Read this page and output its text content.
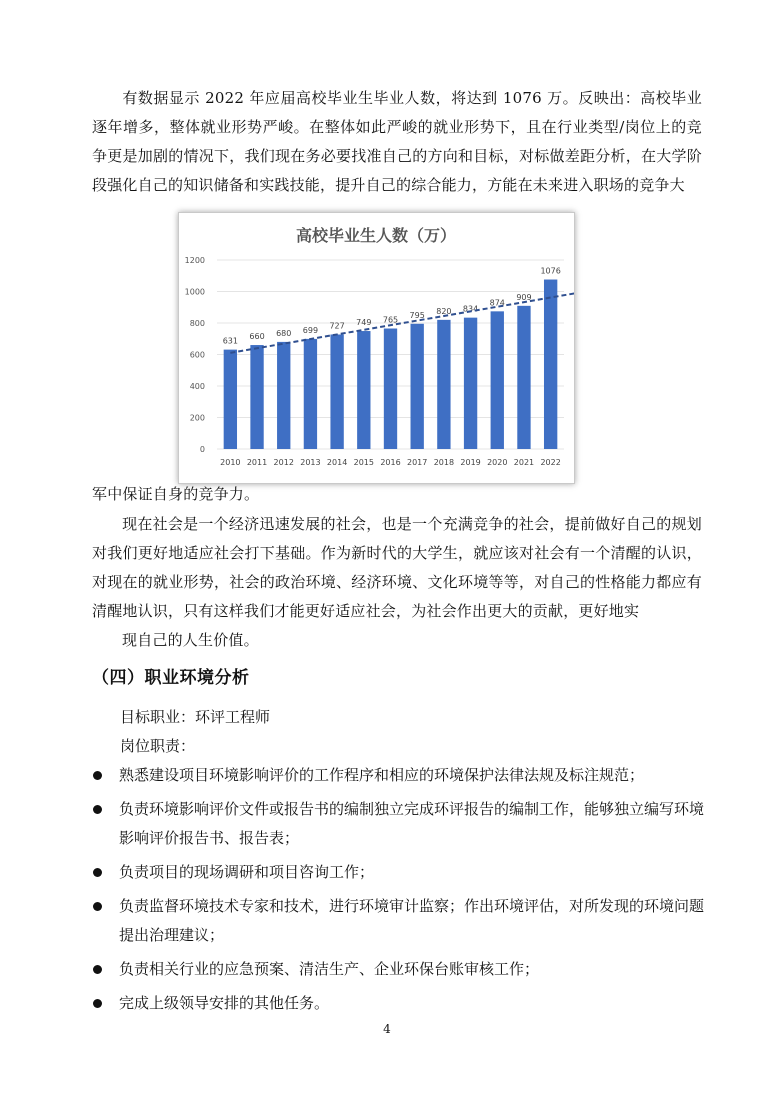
有数据显示 2022 年应届高校毕业生毕业人数，将达到 1076 万。反映出：高校毕业逐年增多，整体就业形势严峻。在整体如此严峻的就业形势下，且在行业类型/岗位上的竞争更是加剧的情况下，我们现在务必要找准自己的方向和目标，对标做差距分析，在大学阶段强化自己的知识储备和实践技能，提升自己的综合能力，方能在未来进入职场的竞争大
高校毕业生人数（万）
631
660 680 699 727 749 765
795 820 834
874
909
1076
2010 2011 2012 2013 2014 2015 2016 2017 2018 2019 2020 2021 2022
0
200
400
600
800
1000
1200
军中保证自身的竞争力。
现在社会是一个经济迅速发展的社会，也是一个充满竞争的社会，提前做好自己的规划对我们更好地适应社会打下基础。作为新时代的大学生，就应该对社会有一个清醒的认识，对现在的就业形势，社会的政治环境、经济环境、文化环境等等，对自己的性格能力都应有清醒地认识，只有这样我们才能更好适应社会，为社会作出更大的贡献，更好地实
现自己的人生价值。
（四）职业环境分析
目标职业：环评工程师
岗位职责：
熟悉建设项目环境影响评价的工作程序和相应的环境保护法律法规及标注规范；
负责环境影响评价文件或报告书的编制独立完成环评报告的编制工作，能够独立编写环境影响评价报告书、报告表；
负责项目的现场调研和项目咨询工作；
负责监督环境技术专家和技术，进行环境审计监察；作出环境评估，对所发现的环境问题提出治理建议；
负责相关行业的应急预案、清洁生产、企业环保台账审核工作；
完成上级领导安排的其他任务。
4
